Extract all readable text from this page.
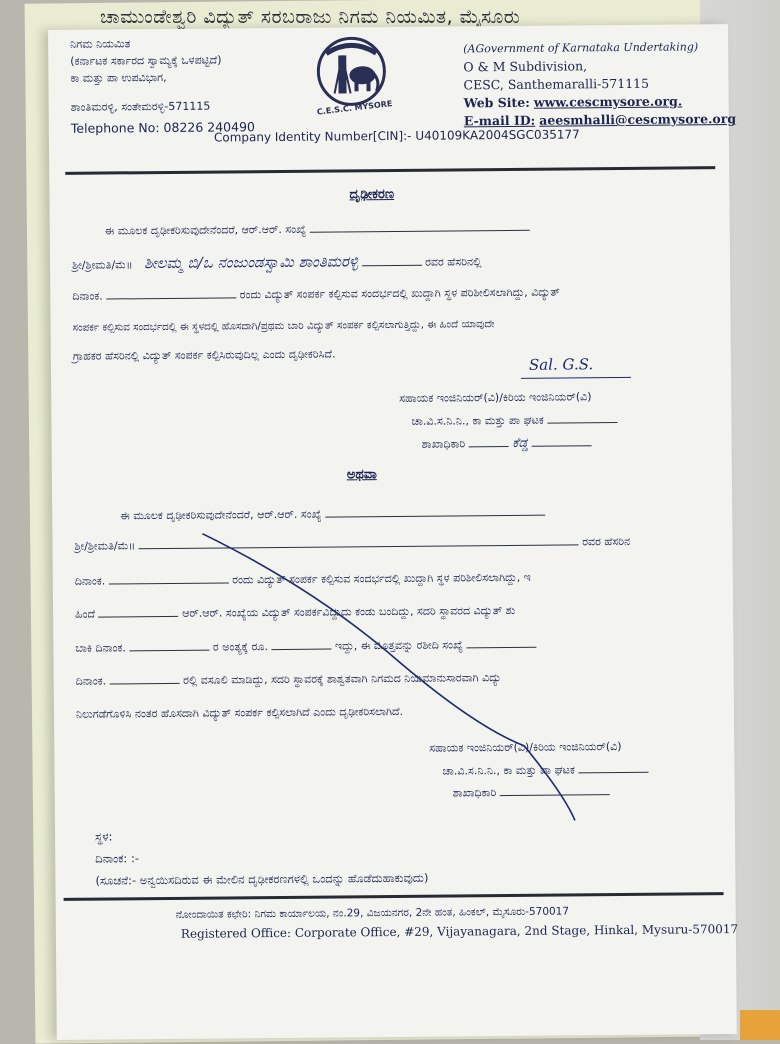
ಚಾಮುಂಡೇಶ್ವರಿ ವಿದ್ಯುತ್ ಸರಬರಾಜು ನಿಗಮ ನಿಯಮಿತ, ಮೈಸೂರು
ನಿಗಮ ನಿಯಮಿತ
(ಕರ್ನಾಟಕ ಸರ್ಕಾರದ ಸ್ವಾಮ್ಯಕ್ಕೆ ಒಳಪಟ್ಟಿದೆ)
ಕಾ ಮತ್ತು ಪಾ ಉಪವಿಭಾಗ,
ಶಾಂತಿಮರಳ್ಳಿ, ಸಂತೇಮರಳ್ಳಿ-571115
Telephone No: 08226 240490
C.E.S.C. MYSORE
(AGovernment of Karnataka Undertaking)
O & M Subdivision,
CESC, Santhemaralli-571115
Web Site: www.cescmysore.org.
E-mail ID: aeesmhalli@cescmysore.org
Company Identity Number[CIN]:- U40109KA2004SGC035177
ದೃಢೀಕರಣ
ಈ ಮೂಲಕ ದೃಢೀಕರಿಸುವುದೇನೆಂದರೆ, ಆರ್.ಆರ್. ಸಂಖ್ಯೆ
ಶ್ರೀ/ಶ್ರೀಮತಿ/ಮೆ॥ ಶೀಲಮ್ಮ ಬಿ/ಒ ನಂಜುಂಡಸ್ವಾಮಿ ಶಾಂತಿಮರಳ್ಳಿ	ರವರ ಹೆಸರಿನಲ್ಲಿ
ದಿನಾಂಕ.	ರಂದು ವಿದ್ಯುತ್ ಸಂಪರ್ಕ ಕಲ್ಪಿಸುವ ಸಂದರ್ಭದಲ್ಲಿ ಖುದ್ದಾಗಿ ಸ್ಥಳ ಪರಿಶೀಲಿಸಲಾಗಿದ್ದು, ವಿದ್ಯುತ್
ಸಂಪರ್ಕ ಕಲ್ಪಿಸುವ ಸಂದರ್ಭದಲ್ಲಿ ಈ ಸ್ಥಳದಲ್ಲಿ ಹೊಸದಾಗಿ/ಪ್ರಥಮ ಬಾರಿ ವಿದ್ಯುತ್ ಸಂಪರ್ಕ ಕಲ್ಪಿಸಲಾಗುತ್ತಿದ್ದು, ಈ ಹಿಂದೆ ಯಾವುದೇ
ಗ್ರಾಹಕರ ಹೆಸರಿನಲ್ಲಿ ವಿದ್ಯುತ್ ಸಂಪರ್ಕ ಕಲ್ಪಿಸಿರುವುದಿಲ್ಲ ಎಂದು ದೃಢೀಕರಿಸಿದೆ.
Sal. G.S.
ಸಹಾಯಕ ಇಂಜಿನಿಯರ್(ವಿ)/ಕಿರಿಯ ಇಂಜಿನಿಯರ್(ವಿ)
ಚಾ.ವಿ.ಸ.ನಿ.ನಿ., ಕಾ ಮತ್ತು ಪಾ ಘಟಕ
ಶಾಖಾಧಿಕಾರಿ	ಕೆಡ್ಡ
ಅಥವಾ
ಈ ಮೂಲಕ ದೃಢೀಕರಿಸುವುದೇನೆಂದರೆ, ಆರ್.ಆರ್. ಸಂಖ್ಯೆ
ಶ್ರೀ/ಶ್ರೀಮತಿ/ಮೆ॥	ರವರ ಹೆಸರಿನ
ದಿನಾಂಕ.	ರಂದು ವಿದ್ಯುತ್ ಸಂಪರ್ಕ ಕಲ್ಪಿಸುವ ಸಂದರ್ಭದಲ್ಲಿ ಖುದ್ದಾಗಿ ಸ್ಥಳ ಪರಿಶೀಲಿಸಲಾಗಿದ್ದು, ಇ
ಹಿಂದೆ	ಆರ್.ಆರ್. ಸಂಖ್ಯೆಯ ವಿದ್ಯುತ್ ಸಂಪರ್ಕವಿದ್ದುದು ಕಂಡು ಬಂದಿದ್ದು, ಸದರಿ ಸ್ಥಾವರದ ವಿದ್ಯುತ್ ಶು
ಬಾಕಿ ದಿನಾಂಕ.	ರ ಅಂತ್ಯಕ್ಕೆ ರೂ.	ಇದ್ದು, ಈ ಮೊತ್ತವನ್ನು ರಶೀದಿ ಸಂಖ್ಯೆ
ದಿನಾಂಕ.	ರಲ್ಲಿ ವಸೂಲಿ ಮಾಡಿದ್ದು, ಸದರಿ ಸ್ಥಾವರಕ್ಕೆ ಶಾಶ್ವತವಾಗಿ ನಿಗಮದ ನಿಯಮಾನುಸಾರವಾಗಿ ವಿದ್ಯು
ನಿಲುಗಡೆಗೊಳಿಸಿ ನಂತರ ಹೊಸದಾಗಿ ವಿದ್ಯುತ್ ಸಂಪರ್ಕ ಕಲ್ಪಿಸಲಾಗಿದೆ ಎಂದು ದೃಢೀಕರಿಸಲಾಗಿದೆ.
ಸಹಾಯಕ ಇಂಜಿನಿಯರ್(ವಿ)/ಕಿರಿಯ ಇಂಜಿನಿಯರ್(ವಿ)
ಚಾ.ವಿ.ಸ.ನಿ.ನಿ., ಕಾ ಮತ್ತು ಪಾ ಘಟಕ
ಶಾಖಾಧಿಕಾರಿ
ಸ್ಥಳ:
ದಿನಾಂಕ: :-
(ಸೂಚನೆ:- ಅನ್ವಯಿಸದಿರುವ ಈ ಮೇಲಿನ ದೃಢೀಕರಣಗಳಲ್ಲಿ ಒಂದನ್ನು ಹೊಡೆದುಹಾಕುವುದು)
ನೋಂದಾಯಿತ ಕಛೇರಿ: ನಿಗಮ ಕಾರ್ಯಾಲಯ, ನಂ.29, ವಿಜಯನಗರ, 2ನೇ ಹಂತ, ಹಿಂಕಲ್, ಮೈಸೂರು-570017
Registered Office: Corporate Office, #29, Vijayanagara, 2nd Stage, Hinkal, Mysuru-570017
